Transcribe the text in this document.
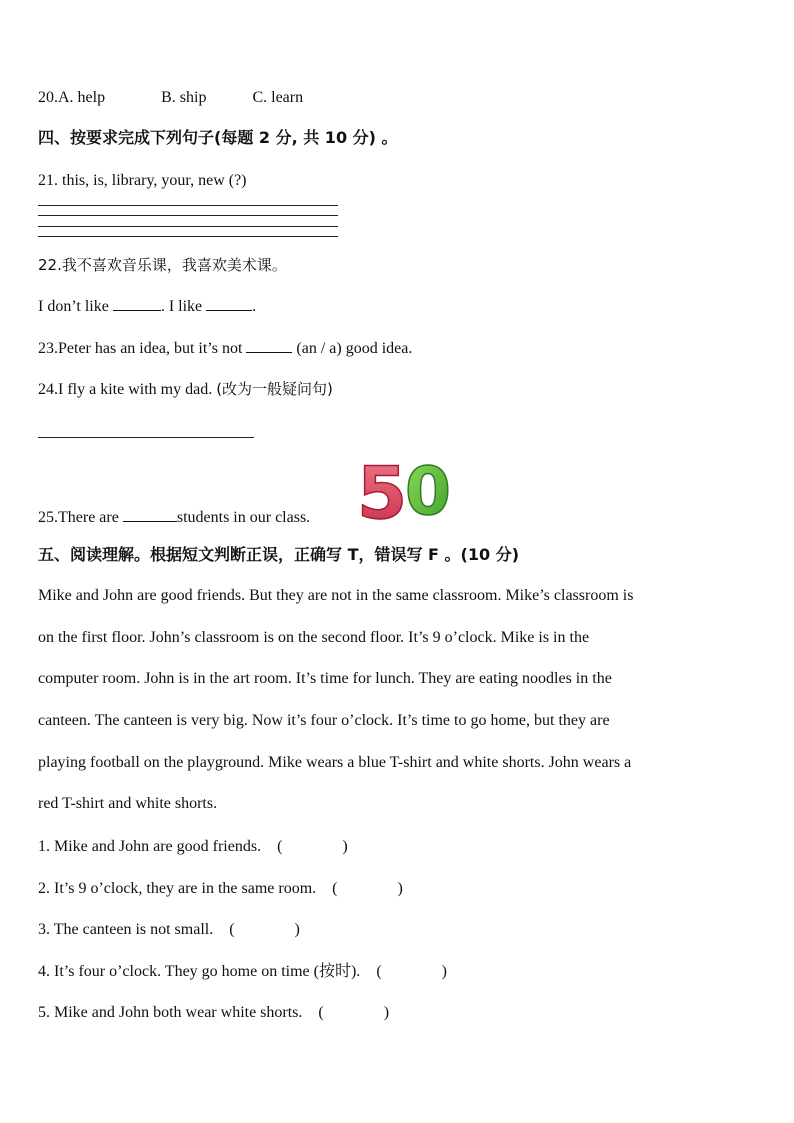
20.A. help	B. ship	C. learn
四、按要求完成下列句子(每题 2 分, 共 10 分) 。
21. this, is, library, your, new (?)
22.我不喜欢音乐课，我喜欢美术课。
I don’t like	. I like	.
23.Peter has an idea, but it’s not	(an / a) good idea.
24.I fly a kite with my dad. (改为一般疑问句)
25.There are	students in our class. 5
0
五、阅读理解。根据短文判断正误，正确写 T，错误写 F 。(10 分)
Mike and John are good friends. But they are not in the same classroom. Mike’s classroom is
on the first floor. John’s classroom is on the second floor. It’s 9 o’clock. Mike is in the
computer room. John is in the art room. It’s time for lunch. They are eating noodles in the
canteen. The canteen is very big. Now it’s four o’clock. It’s time to go home, but they are
playing football on the playground. Mike wears a blue T-shirt and white shorts. John wears a
red T-shirt and white shorts.
1. Mike and John are good friends. (	)
2. It’s 9 o’clock, they are in the same room. (	)
3. The canteen is not small. (	)
4. It’s four o’clock. They go home on time (按时). (	)
5. Mike and John both wear white shorts. (	)
